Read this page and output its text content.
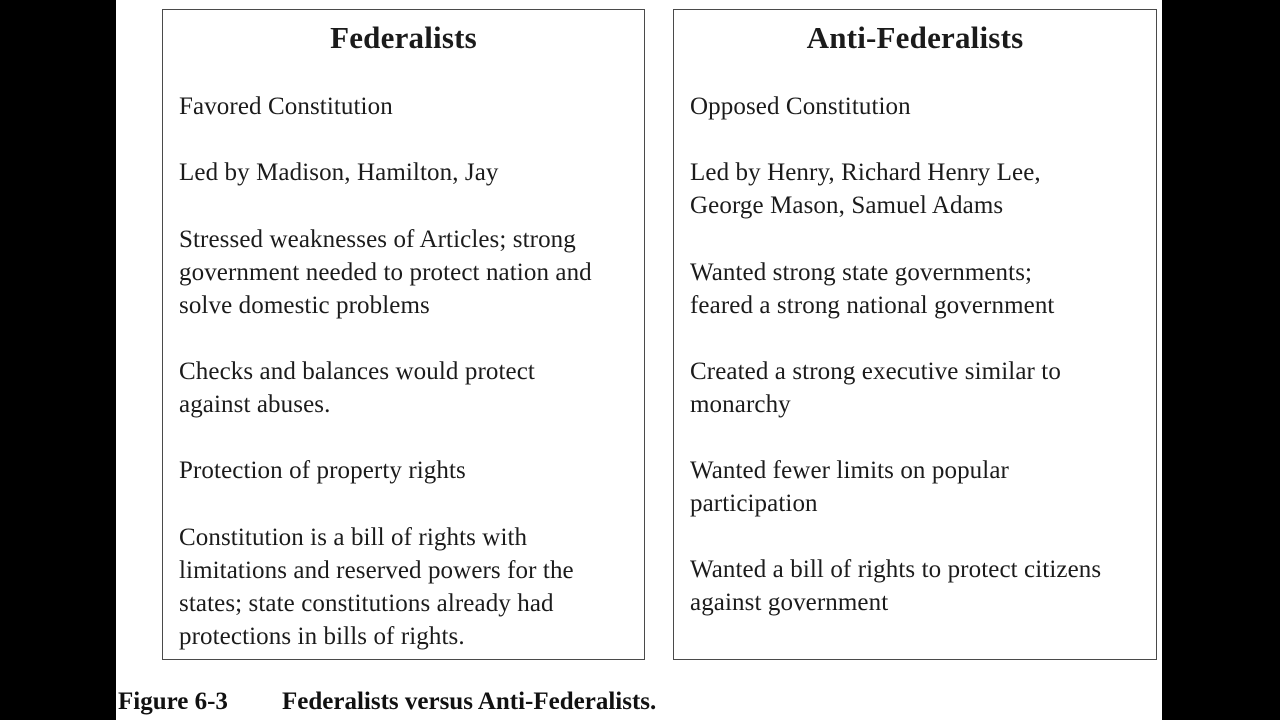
Federalists
Favored Constitution
Led by Madison, Hamilton, Jay
Stressed weaknesses of Articles; strong
government needed to protect nation and
solve domestic problems
Checks and balances would protect
against abuses.
Protection of property rights
Constitution is a bill of rights with
limitations and reserved powers for the
states; state constitutions already had
protections in bills of rights.
Anti-Federalists
Opposed Constitution
Led by Henry, Richard Henry Lee,
George Mason, Samuel Adams
Wanted strong state governments;
feared a strong national government
Created a strong executive similar to
monarchy
Wanted fewer limits on popular
participation
Wanted a bill of rights to protect citizens
against government
Figure 6-3 Federalists versus Anti-Federalists.
